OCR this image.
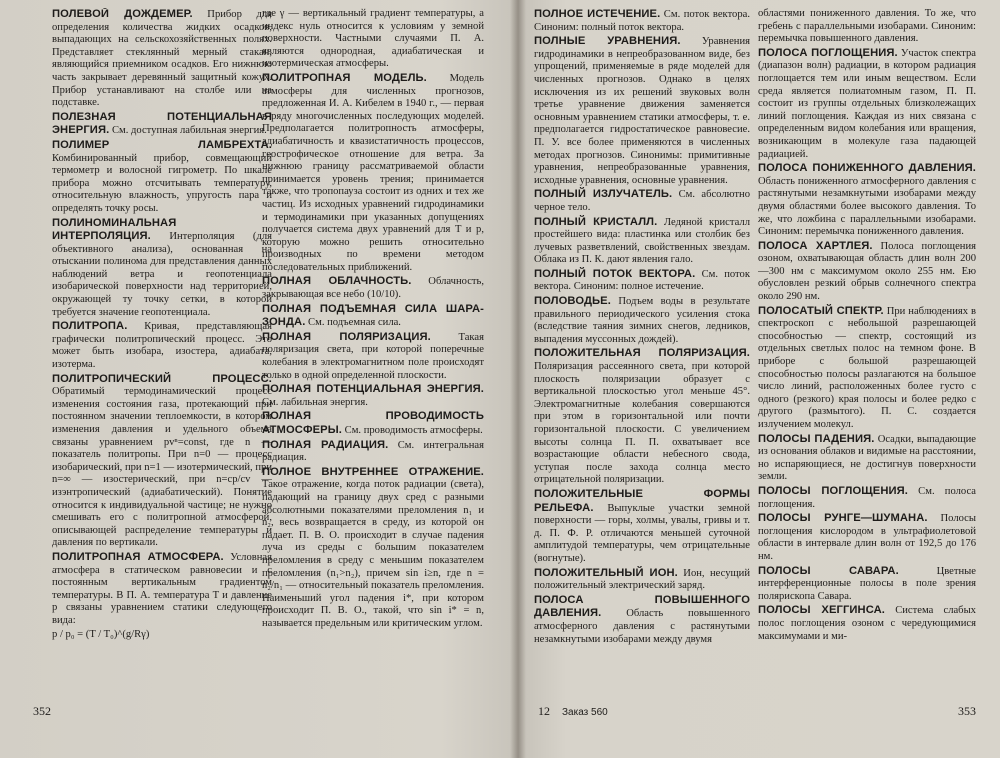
ПОЛЕВОЙ ДОЖДЕМЕР. Прибор для определения количества жидких осадков, выпадающих на сельскохозяйственных полях. Представляет стеклянный мерный стакан, являющийся приемником осадков. Его нижнюю часть закрывает деревянный защитный кожух. Прибор устанавливают на столбе или на подставке.

ПОЛЕЗНАЯ ПОТЕНЦИАЛЬНАЯ ЭНЕРГИЯ. См. доступная лабильная энергия.

ПОЛИМЕР ЛАМБРЕХТА. Комбинированный прибор, совмещающий термометр и волосной гигрометр. По шкале прибора можно отсчитывать температуру, относительную влажность, упругость пара и определять точку росы.

ПОЛИНОМИНАЛЬНАЯ ИНТЕРПОЛЯЦИЯ. Интерполяция (для объективного анализа), основанная на отыскании полинома для представления данных наблюдений ветра и геопотенциала изобарической поверхности над территорией, окружающей ту точку сетки, в которой требуется значение геопотенциала.

ПОЛИТРОПА. Кривая, представляющая графически политропический процесс. Это может быть изобара, изостера, адиабата, изотерма.

ПОЛИТРОПИЧЕСКИЙ ПРОЦЕСС. Обратимый термодинамический процесс изменения состояния газа, протекающий при постоянном значении теплоемкости, в котором изменения давления и удельного объема связаны уравнением pvⁿ=const, где n — показатель политропы. При n=0 — процесс изобарический, при n=1 — изотермический, при n=∞ — изостерический, при n=cp/cv — изэнтропический (адиабатический). Понятие относится к индивидуальной частице; не нужно смешивать его с политропной атмосферой, описывающей распределение температуры и давления по вертикали.

ПОЛИТРОПНАЯ АТМОСФЕРА. Условная атмосфера в статическом равновесии и с постоянным вертикальным градиентом температуры. В П. А. температура T и давление p связаны уравнением статики следующего вида:

p / p₀ = (T / T₀)^(g/Rγ)

где γ — вертикальный градиент температуры, а индекс нуль относится к условиям у земной поверхности. Частными случаями П. А. являются однородная, адиабатическая и изотермическая атмосферы.

ПОЛИТРОПНАЯ МОДЕЛЬ. Модель атмосферы для численных прогнозов, предложенная И. А. Кибелем в 1940 г., — первая в ряду многочисленных последующих моделей. Предполагается политропность атмосферы, адиабатичность и квазистатичность процессов, геострофическое отношение для ветра. За нижнюю границу рассматриваемой области принимается уровень трения; принимается также, что тропопауза состоит из одних и тех же частиц. Из исходных уравнений гидродинамики и термодинамики при указанных допущениях получается система двух уравнений для T и p, которую можно решить относительно производных по времени методом последовательных приближений.

ПОЛНАЯ ОБЛАЧНОСТЬ. Облачность, закрывающая все небо (10/10).

ПОЛНАЯ ПОДЪЕМНАЯ СИЛА ШАРА-ЗОНДА. См. подъемная сила.

ПОЛНАЯ ПОЛЯРИЗАЦИЯ. Такая поляризация света, при которой поперечные колебания в электромагнитном поле происходят только в одной определенной плоскости.

ПОЛНАЯ ПОТЕНЦИАЛЬНАЯ ЭНЕРГИЯ. См. лабильная энергия.

ПОЛНАЯ ПРОВОДИМОСТЬ АТМОСФЕРЫ. См. проводимость атмосферы.

ПОЛНАЯ РАДИАЦИЯ. См. интегральная радиация.

ПОЛНОЕ ВНУТРЕННЕЕ ОТРАЖЕНИЕ. Такое отражение, когда поток радиации (света), падающий на границу двух сред с разными абсолютными показателями преломления n₁ и n₂, весь возвращается в среду, из которой он падает. П. В. О. происходит в случае падения луча из среды с большим показателем преломления в среду с меньшим показателем преломления (n₁>n₂), причем sin i≥n, где n = n₂/n₁ — относительный показатель преломления. Наименьший угол падения i*, при котором происходит П. В. О., такой, что sin i* = n, называется предельным или критическим углом.

352

ПОЛНОЕ ИСТЕЧЕНИЕ. См. поток вектора. Синоним: полный поток вектора.

ПОЛНЫЕ УРАВНЕНИЯ. Уравнения гидродинамики в непреобразованном виде, без упрощений, применяемые в ряде моделей для численных прогнозов. Однако в целях исключения из их решений звуковых волн третье уравнение движения заменяется основным уравнением статики атмосферы, т. е. предполагается гидростатическое равновесие. П. У. все более применяются в численных методах прогнозов. Синонимы: примитивные уравнения, непреобразованные уравнения, исходные уравнения, основные уравнения.

ПОЛНЫЙ ИЗЛУЧАТЕЛЬ. См. абсолютно черное тело.

ПОЛНЫЙ КРИСТАЛЛ. Ледяной кристалл простейшего вида: пластинка или столбик без лучевых разветвлений, свойственных звездам. Облака из П. К. дают явления гало.

ПОЛНЫЙ ПОТОК ВЕКТОРА. См. поток вектора. Синоним: полное истечение.

ПОЛОВОДЬЕ. Подъем воды в результате правильного периодического усиления стока (вследствие таяния зимних снегов, ледников, выпадения муссонных дождей).

ПОЛОЖИТЕЛЬНАЯ ПОЛЯРИЗАЦИЯ. Поляризация рассеянного света, при которой плоскость поляризации образует с вертикальной плоскостью угол меньше 45°. Электромагнитные колебания совершаются при этом в горизонтальной или почти горизонтальной плоскости. С увеличением высоты солнца П. П. охватывает все возрастающие области небесного свода, уступая после захода солнца место отрицательной поляризации.

ПОЛОЖИТЕЛЬНЫЕ ФОРМЫ РЕЛЬЕФА. Выпуклые участки земной поверхности — горы, холмы, увалы, гривы и т. д. П. Ф. Р. отличаются меньшей суточной амплитудой температуры, чем отрицательные (вогнутые).

ПОЛОЖИТЕЛЬНЫЙ ИОН. Ион, несущий положительный электрический заряд.

ПОЛОСА ПОВЫШЕННОГО ДАВЛЕНИЯ. Область повышенного атмосферного давления с растянутыми незамкнутыми изобарами между двумя

областями пониженного давления. То же, что гребень с параллельными изобарами. Синоним: перемычка повышенного давления.

ПОЛОСА ПОГЛОЩЕНИЯ. Участок спектра (диапазон волн) радиации, в котором радиация поглощается тем или иным веществом. Если среда является полиатомным газом, П. П. состоит из группы отдельных близколежащих линий поглощения. Каждая из них связана с определенным видом колебания или вращения, возникающим в молекуле газа падающей радиацией.

ПОЛОСА ПОНИЖЕННОГО ДАВЛЕНИЯ. Область пониженного атмосферного давления с растянутыми незамкнутыми изобарами между двумя областями более высокого давления. То же, что ложбина с параллельными изобарами. Синоним: перемычка пониженного давления.

ПОЛОСА ХАРТЛЕЯ. Полоса поглощения озоном, охватывающая область длин волн 200—300 нм с максимумом около 255 нм. Ею обусловлен резкий обрыв солнечного спектра около 290 нм.

ПОЛОСАТЫЙ СПЕКТР. При наблюдениях в спектроскоп с небольшой разрешающей способностью — спектр, состоящий из отдельных светлых полос на темном фоне. В приборе с большой разрешающей способностью полосы разлагаются на большое число линий, расположенных более густо с одного (резкого) края полосы и более редко с другого (размытого). П. С. создается излучением молекул.

ПОЛОСЫ ПАДЕНИЯ. Осадки, выпадающие из основания облаков и видимые на расстоянии, но испаряющиеся, не достигнув поверхности земли.

ПОЛОСЫ ПОГЛОЩЕНИЯ. См. полоса поглощения.

ПОЛОСЫ РУНГЕ—ШУМАНА. Полосы поглощения кислородом в ультрафиолетовой области в интервале длин волн от 192,5 до 176 нм.

ПОЛОСЫ САВАРА. Цветные интерференционные полосы в поле зрения полярископа Савара.

ПОЛОСЫ ХЕГГИНСА. Система слабых полос поглощения озоном с чередующимися максимумами и ми-

12 Заказ 560	353
